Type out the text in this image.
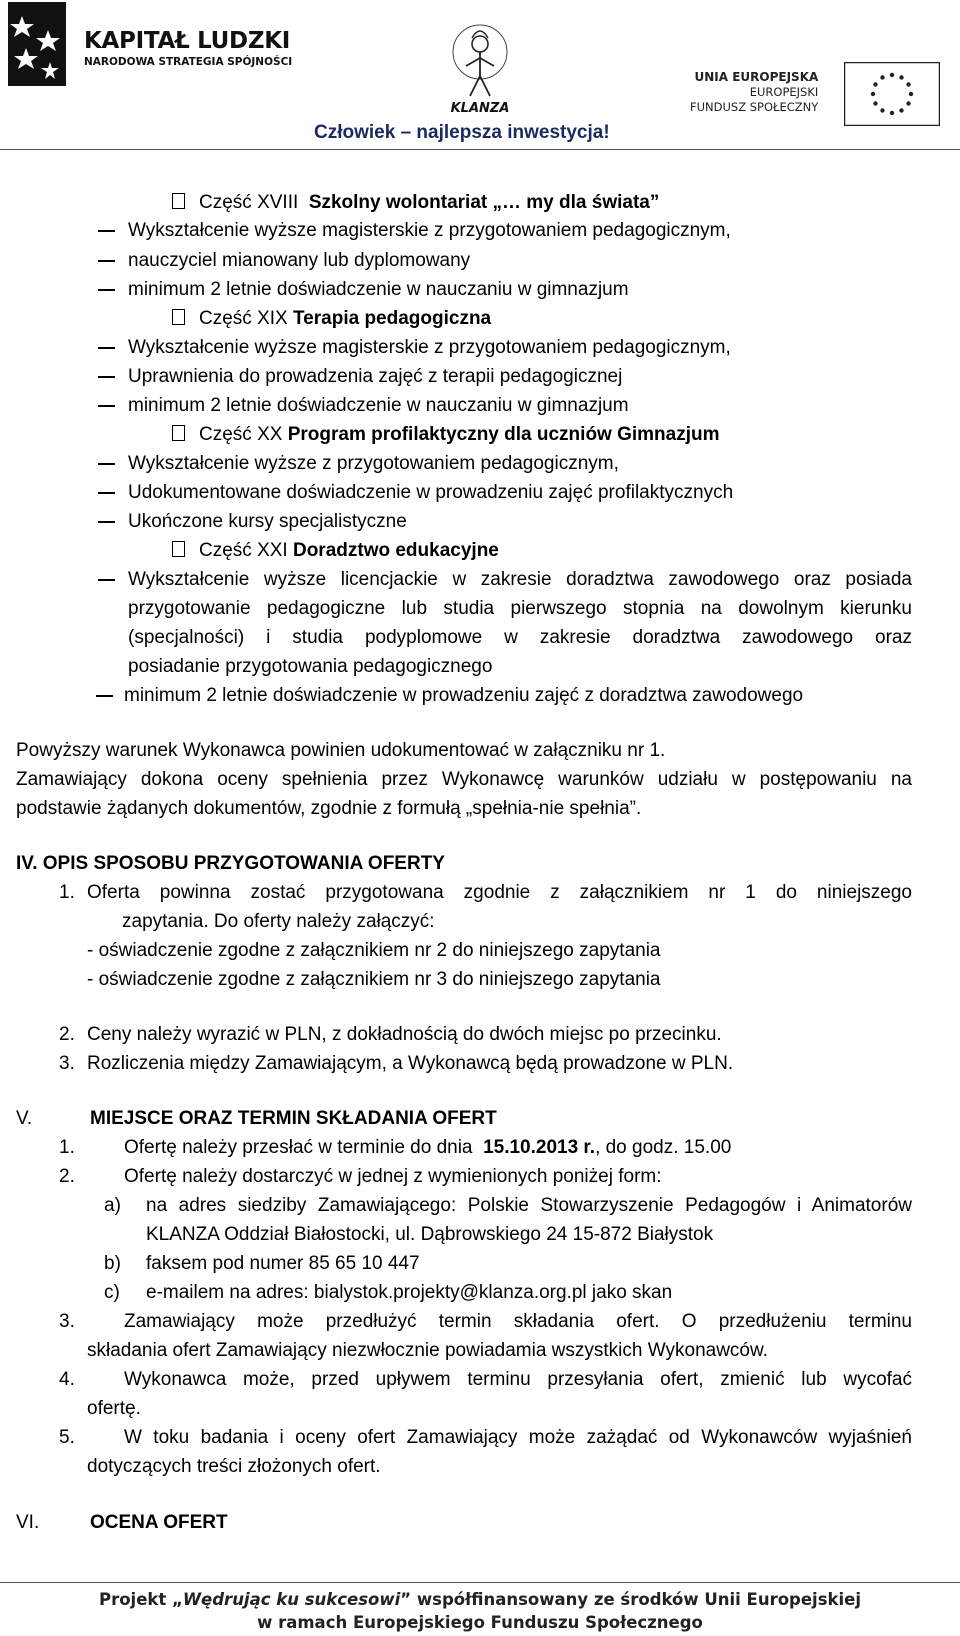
KAPITAŁ LUDZKI
NARODOWA STRATEGIA SPÓJNOŚCI
KLANZA
UNIA EUROPEJSKA
EUROPEJSKI
FUNDUSZ SPOŁECZNY
Człowiek – najlepsza inwestycja!
Część XVIII Szkolny wolontariat „… my dla świata”
Wykształcenie wyższe magisterskie z przygotowaniem pedagogicznym,
nauczyciel mianowany lub dyplomowany
minimum 2 letnie doświadczenie w nauczaniu w gimnazjum
Część XIX Terapia pedagogiczna
Wykształcenie wyższe magisterskie z przygotowaniem pedagogicznym,
Uprawnienia do prowadzenia zajęć z terapii pedagogicznej
minimum 2 letnie doświadczenie w nauczaniu w gimnazjum
Część XX Program profilaktyczny dla uczniów Gimnazjum
Wykształcenie wyższe z przygotowaniem pedagogicznym,
Udokumentowane doświadczenie w prowadzeniu zajęć profilaktycznych
Ukończone kursy specjalistyczne
Część XXI Doradztwo edukacyjne
Wykształcenie wyższe licencjackie w zakresie doradztwa zawodowego oraz posiada
przygotowanie pedagogiczne lub studia pierwszego stopnia na dowolnym kierunku
(specjalności) i studia podyplomowe w zakresie doradztwa zawodowego oraz
posiadanie przygotowania pedagogicznego
minimum 2 letnie doświadczenie w prowadzeniu zajęć z doradztwa zawodowego
Powyższy warunek Wykonawca powinien udokumentować w załączniku nr 1.
Zamawiający dokona oceny spełnienia przez Wykonawcę warunków udziału w postępowaniu na
podstawie żądanych dokumentów, zgodnie z formułą „spełnia-nie spełnia”.
IV. OPIS SPOSOBU PRZYGOTOWANIA OFERTY
1. Oferta powinna zostać przygotowana zgodnie z załącznikiem nr 1 do niniejszego
zapytania. Do oferty należy załączyć:
- oświadczenie zgodne z załącznikiem nr 2 do niniejszego zapytania
- oświadczenie zgodne z załącznikiem nr 3 do niniejszego zapytania
2. Ceny należy wyrazić w PLN, z dokładnością do dwóch miejsc po przecinku.
3. Rozliczenia między Zamawiającym, a Wykonawcą będą prowadzone w PLN.
V.	MIEJSCE ORAZ TERMIN SKŁADANIA OFERT
1.	Ofertę należy przesłać w terminie do dnia 15.10.2013 r., do godz. 15.00
2.	Ofertę należy dostarczyć w jednej z wymienionych poniżej form:
a) na adres siedziby Zamawiającego: Polskie Stowarzyszenie Pedagogów i Animatorów
KLANZA Oddział Białostocki, ul. Dąbrowskiego 24 15-872 Białystok
b) faksem pod numer 85 65 10 447
c) e-mailem na adres: bialystok.projekty@klanza.org.pl jako skan
3.	Zamawiający może przedłużyć termin składania ofert. O przedłużeniu terminu
składania ofert Zamawiający niezwłocznie powiadamia wszystkich Wykonawców.
4.	Wykonawca może, przed upływem terminu przesyłania ofert, zmienić lub wycofać
ofertę.
5.	W toku badania i oceny ofert Zamawiający może zażądać od Wykonawców wyjaśnień
dotyczących treści złożonych ofert.
VI.	OCENA OFERT
Projekt „Wędrując ku sukcesowi” współfinansowany ze środków Unii Europejskiej
w ramach Europejskiego Funduszu Społecznego
